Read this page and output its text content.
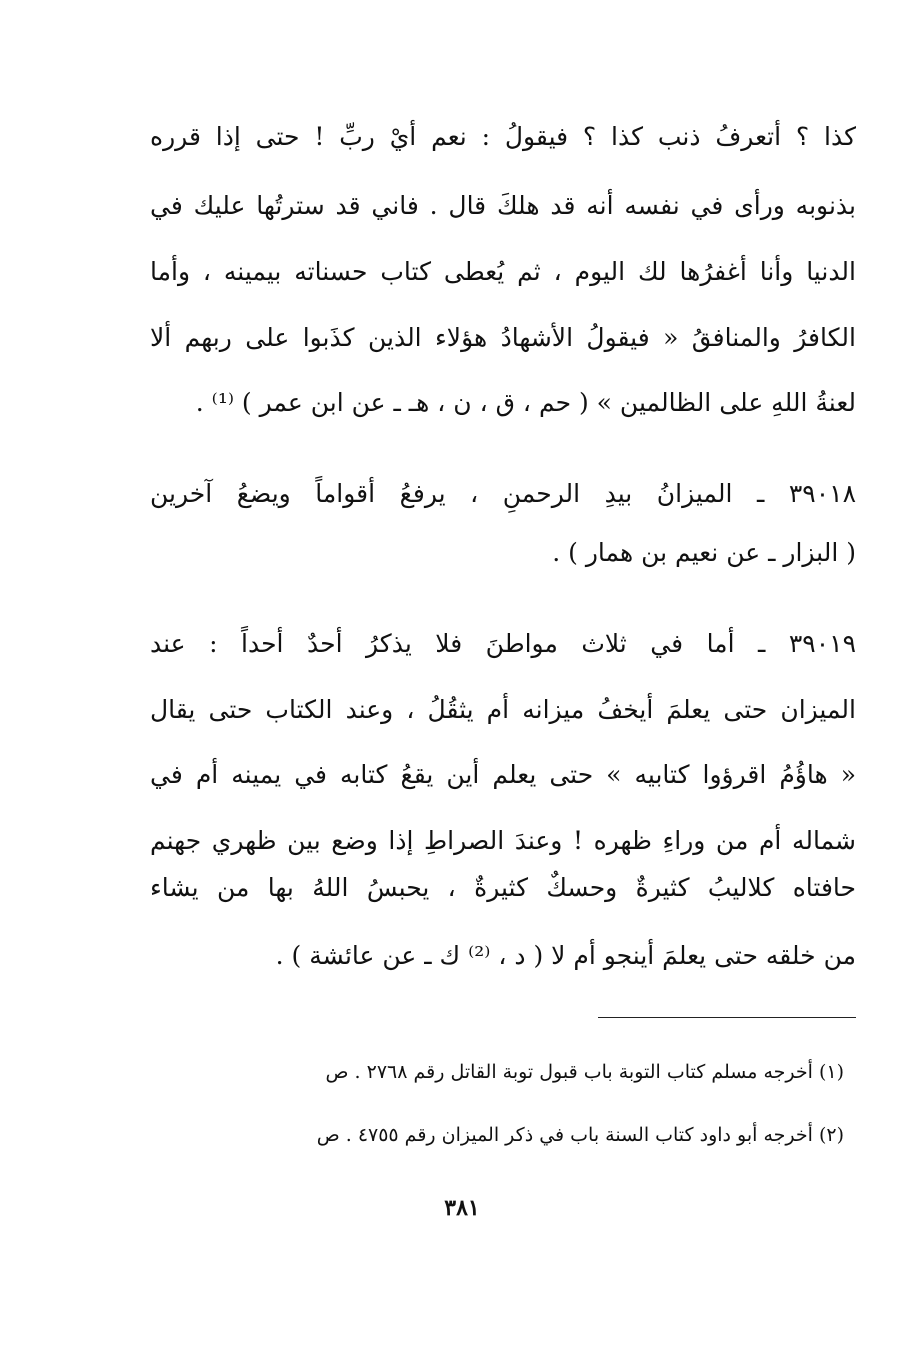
كذا ؟ أتعرفُ ذنب كذا ؟ فيقولُ : نعم أيْ ربِّ ! حتى إذا قرره
بذنوبه ورأى في نفسه أنه قد هلكَ قال . فاني قد سترتُها عليك في
الدنيا وأنا أغفرُها لك اليوم ، ثم يُعطى كتاب حسناته بيمينه ، وأما
الكافرُ والمنافقُ « فيقولُ الأشهادُ هؤلاء الذين كذَبوا على ربهم ألا
لعنةُ اللهِ على الظالمين » ( حم ، ق ، ن ، هـ ـ عن ابن عمر ) ⁽¹⁾ .
٣٩٠١٨ ـ الميزانُ بيدِ الرحمنِ ، يرفعُ أقواماً ويضعُ آخرين
( البزار ـ عن نعيم بن همار ) .
٣٩٠١٩ ـ أما في ثلاث مواطنَ فلا يذكرُ أحدٌ أحداً : عند
الميزان حتى يعلمَ أيخفُ ميزانه أم يثقُلُ ، وعند الكتاب حتى يقال
« هاؤُمُ اقرؤوا كتابيه » حتى يعلم أين يقعُ كتابه في يمينه أم في
شماله أم من وراءِ ظهره ! وعندَ الصراطِ إذا وضع بين ظهري جهنم
حافتاه كلاليبُ كثيرةٌ وحسكٌ كثيرةٌ ، يحبسُ اللهُ بها من يشاء
من خلقه حتى يعلمَ أينجو أم لا ( د ، ⁽²⁾ ك ـ عن عائشة ) .
(١) أخرجه مسلم كتاب التوبة باب قبول توبة القاتل رقم ٢٧٦٨ . ص
(٢) أخرجه أبو داود كتاب السنة باب في ذكر الميزان رقم ٤٧٥٥ . ص
٣٨١
